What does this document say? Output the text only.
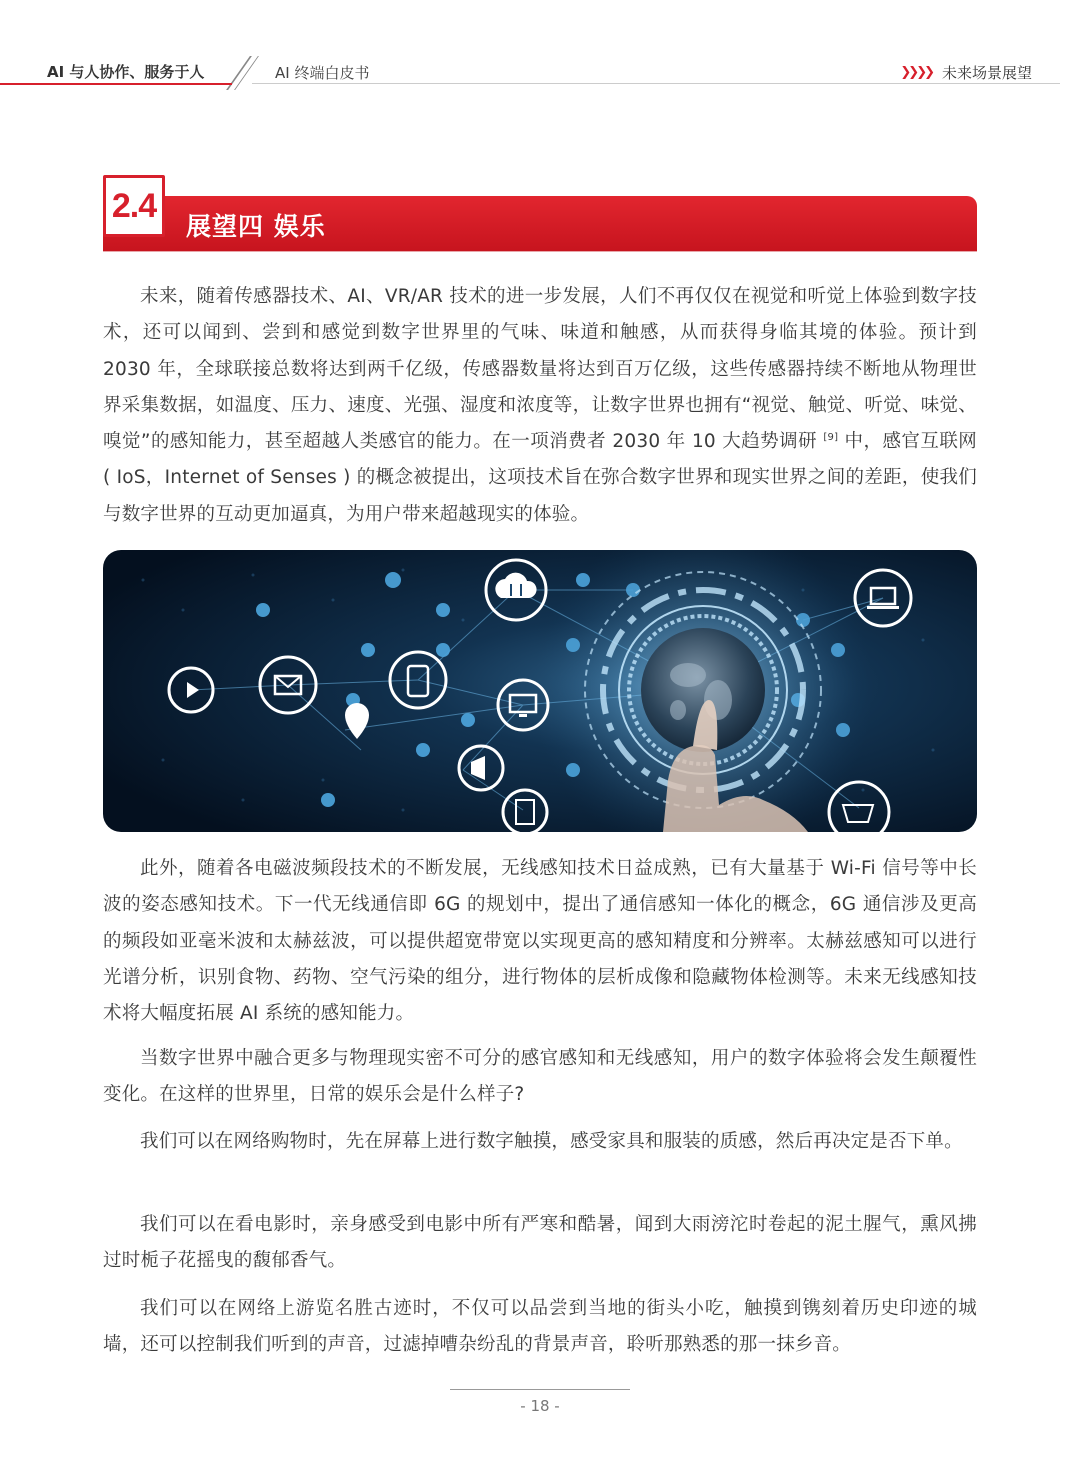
AI 与人协作、服务于人	AI 终端白皮书	❯❯❯❯ 未来场景展望
2.4
展望四 娱乐

未来，随着传感器技术、AI、VR/AR 技术的进一步发展，人们不再仅仅在视觉和听觉上体验到数字技术，还可以闻到、尝到和感觉到数字世界里的气味、味道和触感，从而获得身临其境的体验。预计到 2030 年，全球联接总数将达到两千亿级，传感器数量将达到百万亿级，这些传感器持续不断地从物理世界采集数据，如温度、压力、速度、光强、湿度和浓度等，让数字世界也拥有“视觉、触觉、听觉、味觉、嗅觉”的感知能力，甚至超越人类感官的能力。在一项消费者 2030 年 10 大趋势调研 [9] 中，感官互联网 ( IoS，Internet of Senses ) 的概念被提出，这项技术旨在弥合数字世界和现实世界之间的差距，使我们与数字世界的互动更加逼真，为用户带来超越现实的体验。

此外，随着各电磁波频段技术的不断发展，无线感知技术日益成熟，已有大量基于 Wi-Fi 信号等中长波的姿态感知技术。下一代无线通信即 6G 的规划中，提出了通信感知一体化的概念，6G 通信涉及更高的频段如亚毫米波和太赫兹波，可以提供超宽带宽以实现更高的感知精度和分辨率。太赫兹感知可以进行光谱分析，识别食物、药物、空气污染的组分，进行物体的层析成像和隐藏物体检测等。未来无线感知技术将大幅度拓展 AI 系统的感知能力。

当数字世界中融合更多与物理现实密不可分的感官感知和无线感知，用户的数字体验将会发生颠覆性变化。在这样的世界里，日常的娱乐会是什么样子?

我们可以在网络购物时，先在屏幕上进行数字触摸，感受家具和服装的质感，然后再决定是否下单。

我们可以在看电影时，亲身感受到电影中所有严寒和酷暑，闻到大雨滂沱时卷起的泥土腥气，熏风拂过时栀子花摇曳的馥郁香气。

我们可以在网络上游览名胜古迹时，不仅可以品尝到当地的街头小吃，触摸到镌刻着历史印迹的城墙，还可以控制我们听到的声音，过滤掉嘈杂纷乱的背景声音，聆听那熟悉的那一抹乡音。

- 18 -
